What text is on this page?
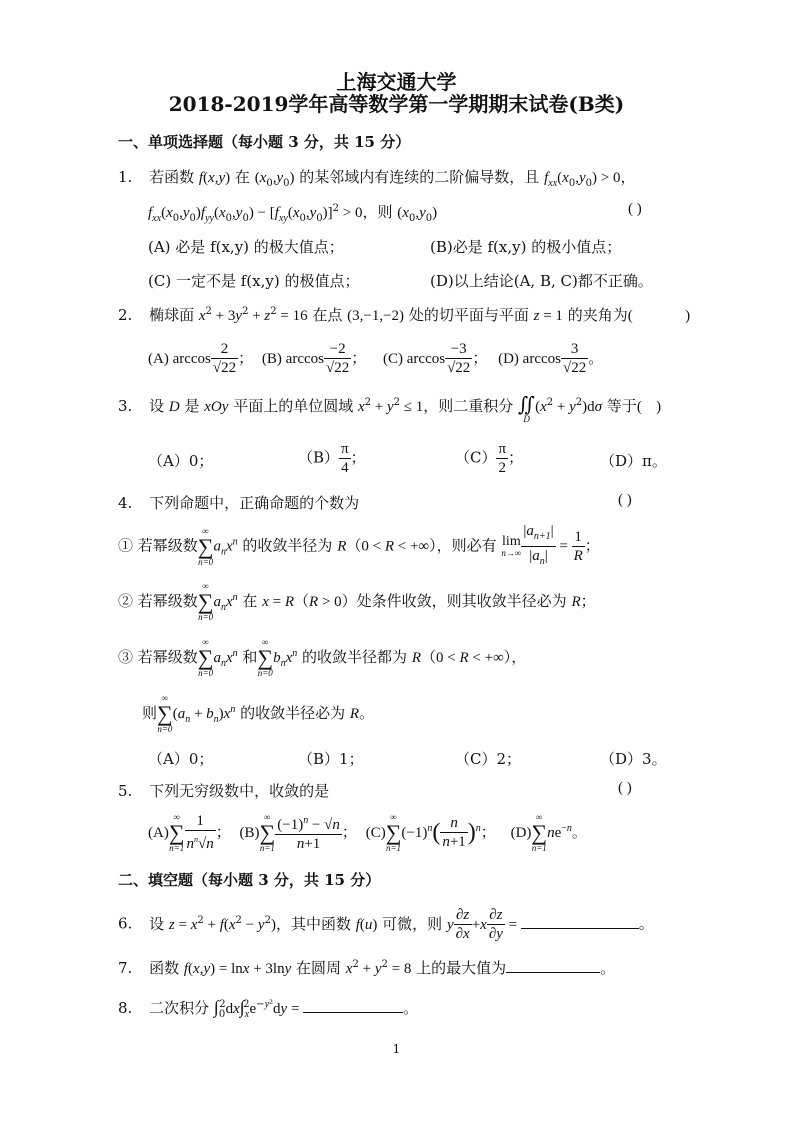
上海交通大学
2018-2019学年高等数学第一学期期末试卷(B类)
一、单项选择题（每小题 3 分，共 15 分）
1. 若函数 f(x,y) 在 $(x_0,y_0)$ 的某邻域内有连续的二阶偏导数，且 $f_{xx}(x_0,y_0) > 0$，
$f_{xx}(x_0,y_0)f_{yy}(x_0,y_0) - [f_{xy}(x_0,y_0)]^2 > 0$，则 $(x_0,y_0)$	( )
(A) 必是 f(x,y) 的极大值点；	(B)必是 f(x,y) 的极小值点；
(C) 一定不是 f(x,y) 的极值点；	(D)以上结论(A, B, C)都不正确。
2. 椭球面 $x^2 + 3y^2 + z^2 = 16$ 在点 (3,−1,−2) 处的切平面与平面 z = 1 的夹角为(	)
(A) $\arccos \frac{2}{√22}$ ； (B) $\arccos \frac{-2}{√22}$ ； (C) $\arccos \frac{-3}{√22}$ ； (D) $\arccos \frac{3}{√22}$ 。
3. 设 D 是 xOy 平面上的单位圆域 $x^2 + y^2 \le 1$，则二重积分 ∬
D
$(x^2 + y^2)d\sigma$ 等于( )
（A）0；	$(B) \frac{\pi}{4}$ ；	$(C) \frac{\pi}{2}$ ；	（D）π。
4. 下列命题中，正确命题的个数为	( )
① 若幂级数
∞
∑
n=0
$a_nx^n$ 的收敛半径为 R（0 < R < +∞），则必有 lim
$n\to\infty \frac{|a_{n+1}|}{|a_n|} = \frac{1}{R}$ ；
② 若幂级数
∞
∑
n=0
$a_nx^n$ 在 x = R（R > 0）处条件收敛，则其收敛半径必为 R；
③ 若幂级数
∞
∑
n=0
$a_nx^n$ 和
∞
∑
n=0
$b_nx^n$ 的收敛半径都为 R（0 < R < +∞），
则
∞
∑
n=0
$(a_n + b_n)x^n$ 的收敛半径必为 R。
（A）0；	（B）1；	（C）2；	（D）3。
5. 下列无穷级数中，收敛的是	( )
(A)
∞
∑
$n=1 \frac{1}{n^n√n}$ ； (B)
∞
∑
$n=1 \frac{(-1)^n - √n}{n+1}$ ； (C)
∞
∑
n=1
$(-1)^n( \frac{n}{n+1} )^n$； (D)
∞
∑
n=1
$ne^{-n}$。
二、填空题（每小题 3 分，共 15 分）
6. 设 $z = x^2 + f(x^2 - y^2)$，其中函数 f(u) 可微，则 y $\frac{\partial z}{\partial x} +x \frac{\partial z}{\partial y}$ =	。
7. 函数 f(x,y) = lnx + 3lny 在圆周 $x^2 + y^2 = 8$ 上的最大值为	。
8. 二次积分 $\int_0^2dx\int_x^2e^{-y^2}dy$ =	。
1
